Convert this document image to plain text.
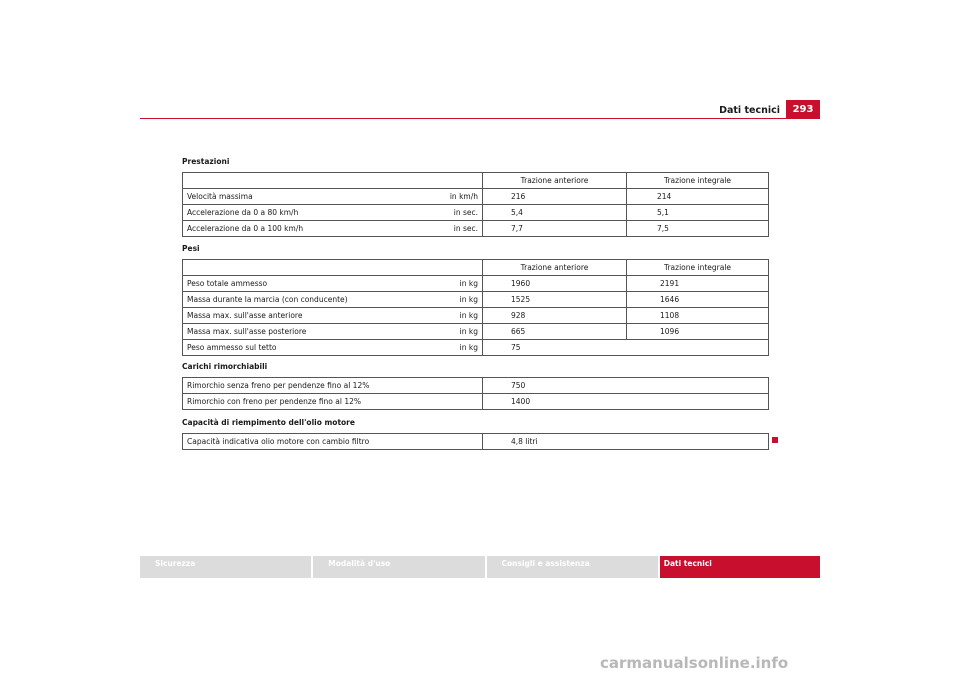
Dati tecnici	293
Prestazioni
		Trazione anteriore	Trazione integrale
Velocità massima	in km/h	216	214
Accelerazione da 0 a 80 km/h	in sec.	5,4	5,1
Accelerazione da 0 a 100 km/h	in sec.	7,7	7,5
Pesi
		Trazione anteriore	Trazione integrale
Peso totale ammesso	in kg	1960	2191
Massa durante la marcia (con conducente)	in kg	1525	1646
Massa max. sull'asse anteriore	in kg	928	1108
Massa max. sull'asse posteriore	in kg	665	1096
Peso ammesso sul tetto	in kg	75	
Carichi rimorchiabili
Rimorchio senza freno per pendenze fino al 12%	750
Rimorchio con freno per pendenze fino al 12%	1400
Capacità di riempimento dell'olio motore
Capacità indicativa olio motore con cambio filtro	4,8 litri
Sicurezza	Modalità d'uso	Consigli e assistenza	Dati tecnici
carmanualsonline.info
